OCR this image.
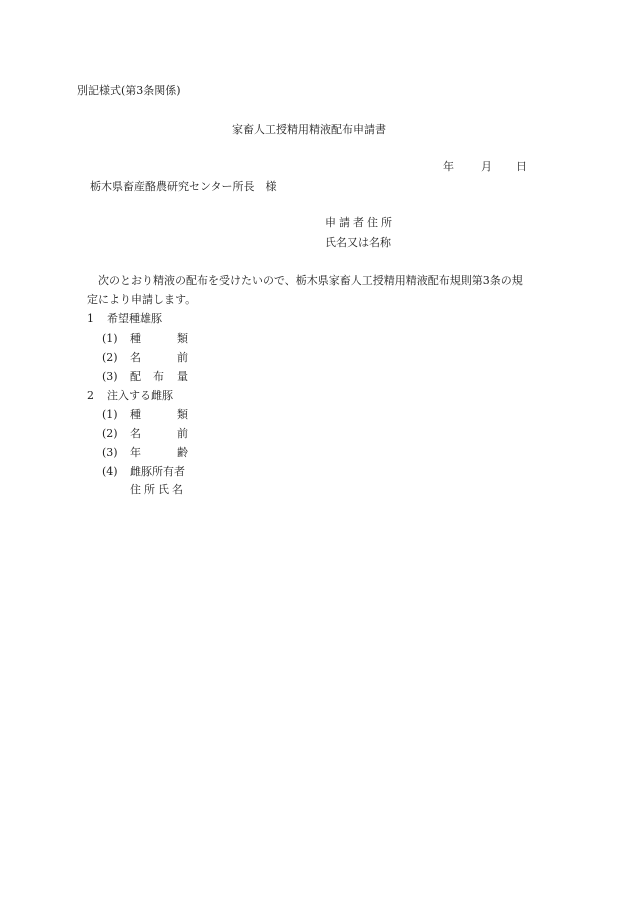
別記様式(第3条関係)
家畜人工授精用精液配布申請書
年 月 日
栃木県畜産酪農研究センター所長　様
申請者住所
氏名又は名称
次のとおり精液の配布を受けたいので、栃木県家畜人工授精用精液配布規則第3条の規
定により申請します。
1 希望種雄豚
(1) 種	類
(2) 名	前
(3) 配 布 量
2 注入する雌豚
(1) 種	類
(2) 名	前
(3) 年	齢
(4) 雌豚所有者
住所氏名
